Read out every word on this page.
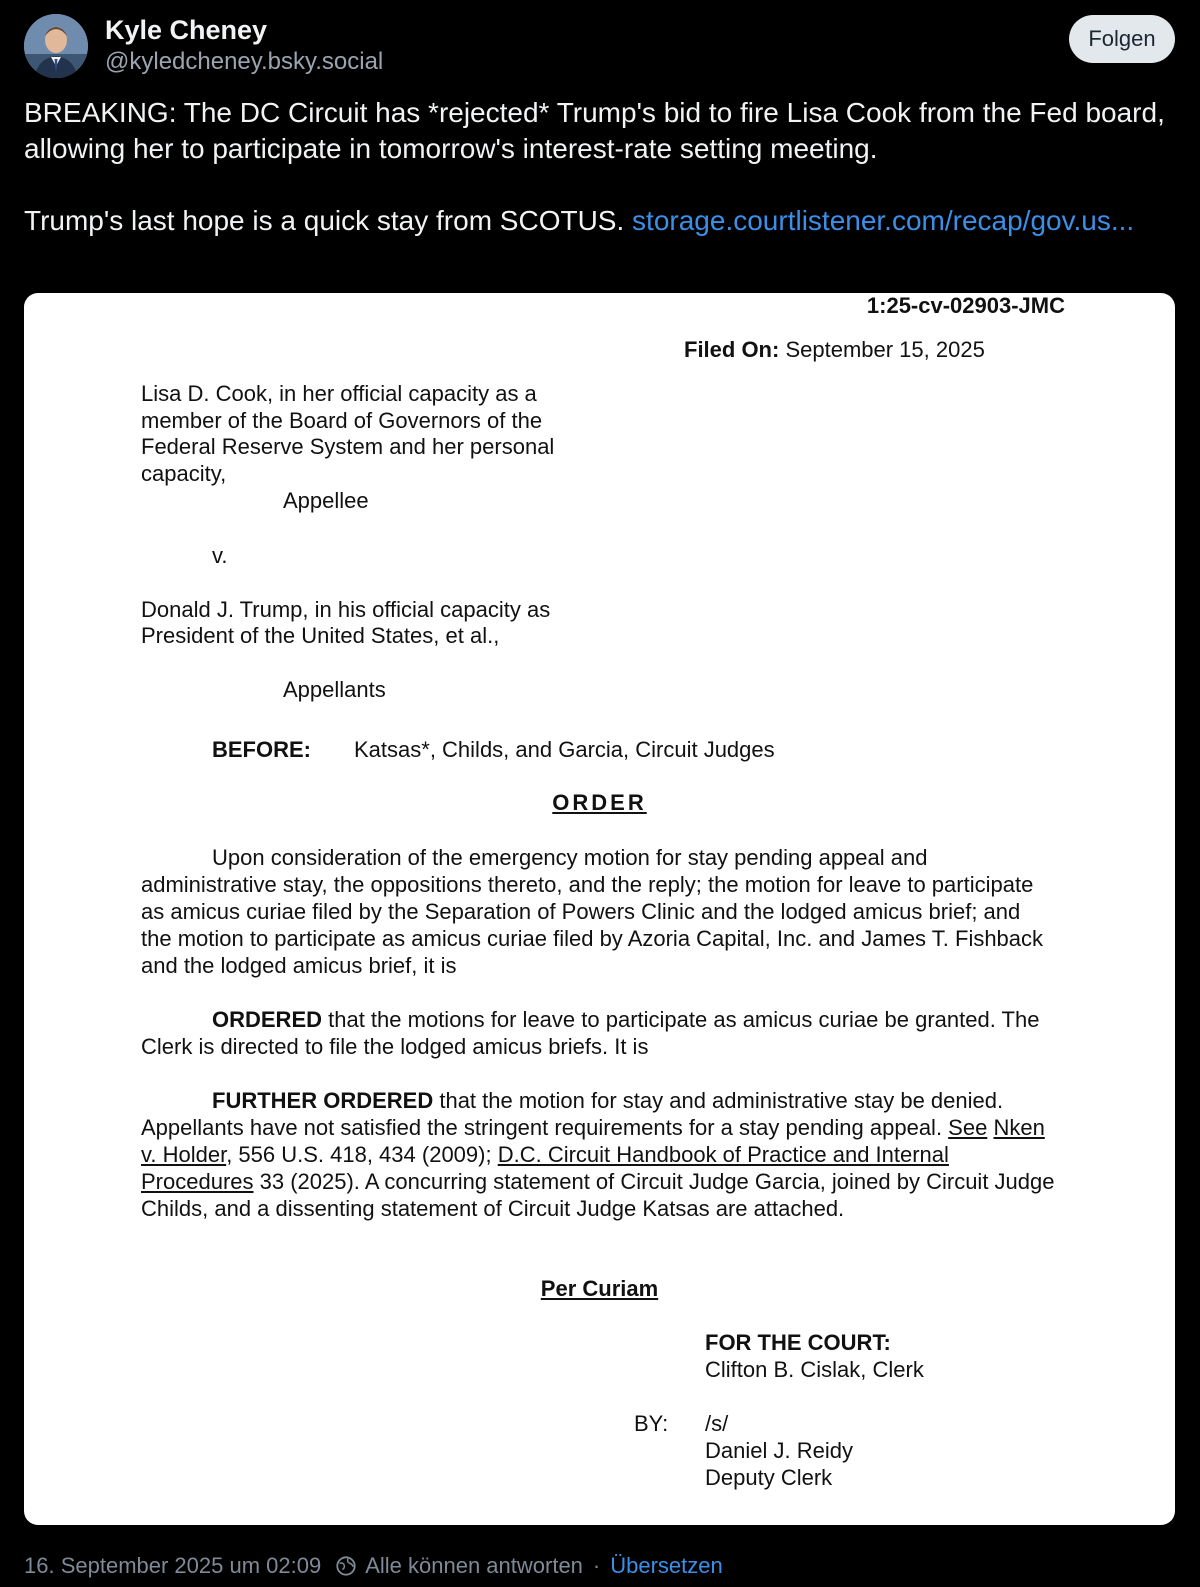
Kyle Cheney
@kyledcheney.bsky.social
Folgen

BREAKING: The DC Circuit has *rejected* Trump's bid to fire Lisa Cook from the Fed board, allowing her to participate in tomorrow's interest-rate setting meeting.

Trump's last hope is a quick stay from SCOTUS. storage.courtlistener.com/recap/gov.us...

1:25-cv-02903-JMC
Filed On: September 15, 2025
Lisa D. Cook, in her official capacity as a
member of the Board of Governors of the
Federal Reserve System and her personal
capacity,
Appellee
v.
Donald J. Trump, in his official capacity as
President of the United States, et al.,
Appellants
BEFORE: Katsas*, Childs, and Garcia, Circuit Judges
ORDER

Upon consideration of the emergency motion for stay pending appeal and administrative stay, the oppositions thereto, and the reply; the motion for leave to participate as amicus curiae filed by the Separation of Powers Clinic and the lodged amicus brief; and the motion to participate as amicus curiae filed by Azoria Capital, Inc. and James T. Fishback and the lodged amicus brief, it is

ORDERED that the motions for leave to participate as amicus curiae be granted. The Clerk is directed to file the lodged amicus briefs. It is

FURTHER ORDERED that the motion for stay and administrative stay be denied. Appellants have not satisfied the stringent requirements for a stay pending appeal. See Nken v. Holder, 556 U.S. 418, 434 (2009); D.C. Circuit Handbook of Practice and Internal Procedures 33 (2025). A concurring statement of Circuit Judge Garcia, joined by Circuit Judge Childs, and a dissenting statement of Circuit Judge Katsas are attached.

Per Curiam
FOR THE COURT:
Clifton B. Cislak, Clerk
BY: /s/
Daniel J. Reidy
Deputy Clerk
16. September 2025 um 02:09 Alle können antworten · Übersetzen
